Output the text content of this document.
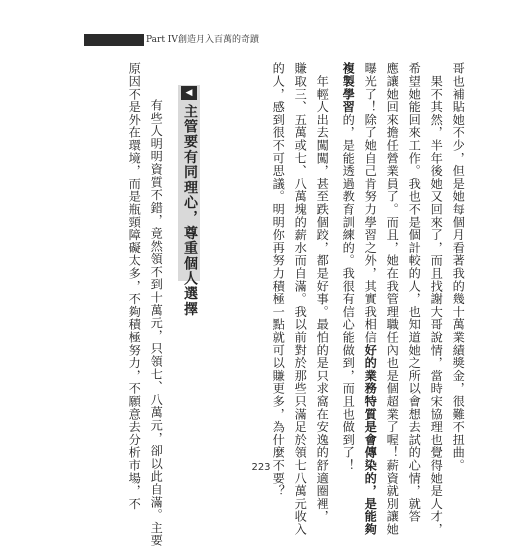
Part IV 創造月入百萬的奇蹟
哥也補貼她不少，但是她每個月看著我的幾十萬業績獎金，很難不扭曲。
　果不其然，半年後她又回來了，而且找謝大哥說情，當時宋協理也覺得她是人才，
希望她能回來工作。我也不是個計較的人，也知道她之所以會想去試的心情，就答
應讓她回來擔任營業員了。而且，她在我管理職任內也是個超業了喔！薪資就別讓她
曝光了！除了她自己肯努力學習之外，其實我相信好的業務特質是會傳染的，是能夠
複製學習的，是能透過教育訓練的。我很有信心能做到，而且也做到了！
　年輕人出去闖闖，甚至跌個跤，都是好事。最怕的是只求窩在安逸的舒適圈裡，
賺取三、五萬或七、八萬塊的薪水而自滿。我以前對於那些只滿足於領七八萬元收入
的人，感到很不可思議。明明你再努力積極一點就可以賺更多，為什麼不要？
◀
主管要有同理心，尊重個人選擇
　有些人明明資質不錯，竟然領不到十萬元，只領七、八萬元，卻以此自滿。主要
原因不是外在環境，而是瓶頸障礙太多，不夠積極努力，不願意去分析市場，不	223
